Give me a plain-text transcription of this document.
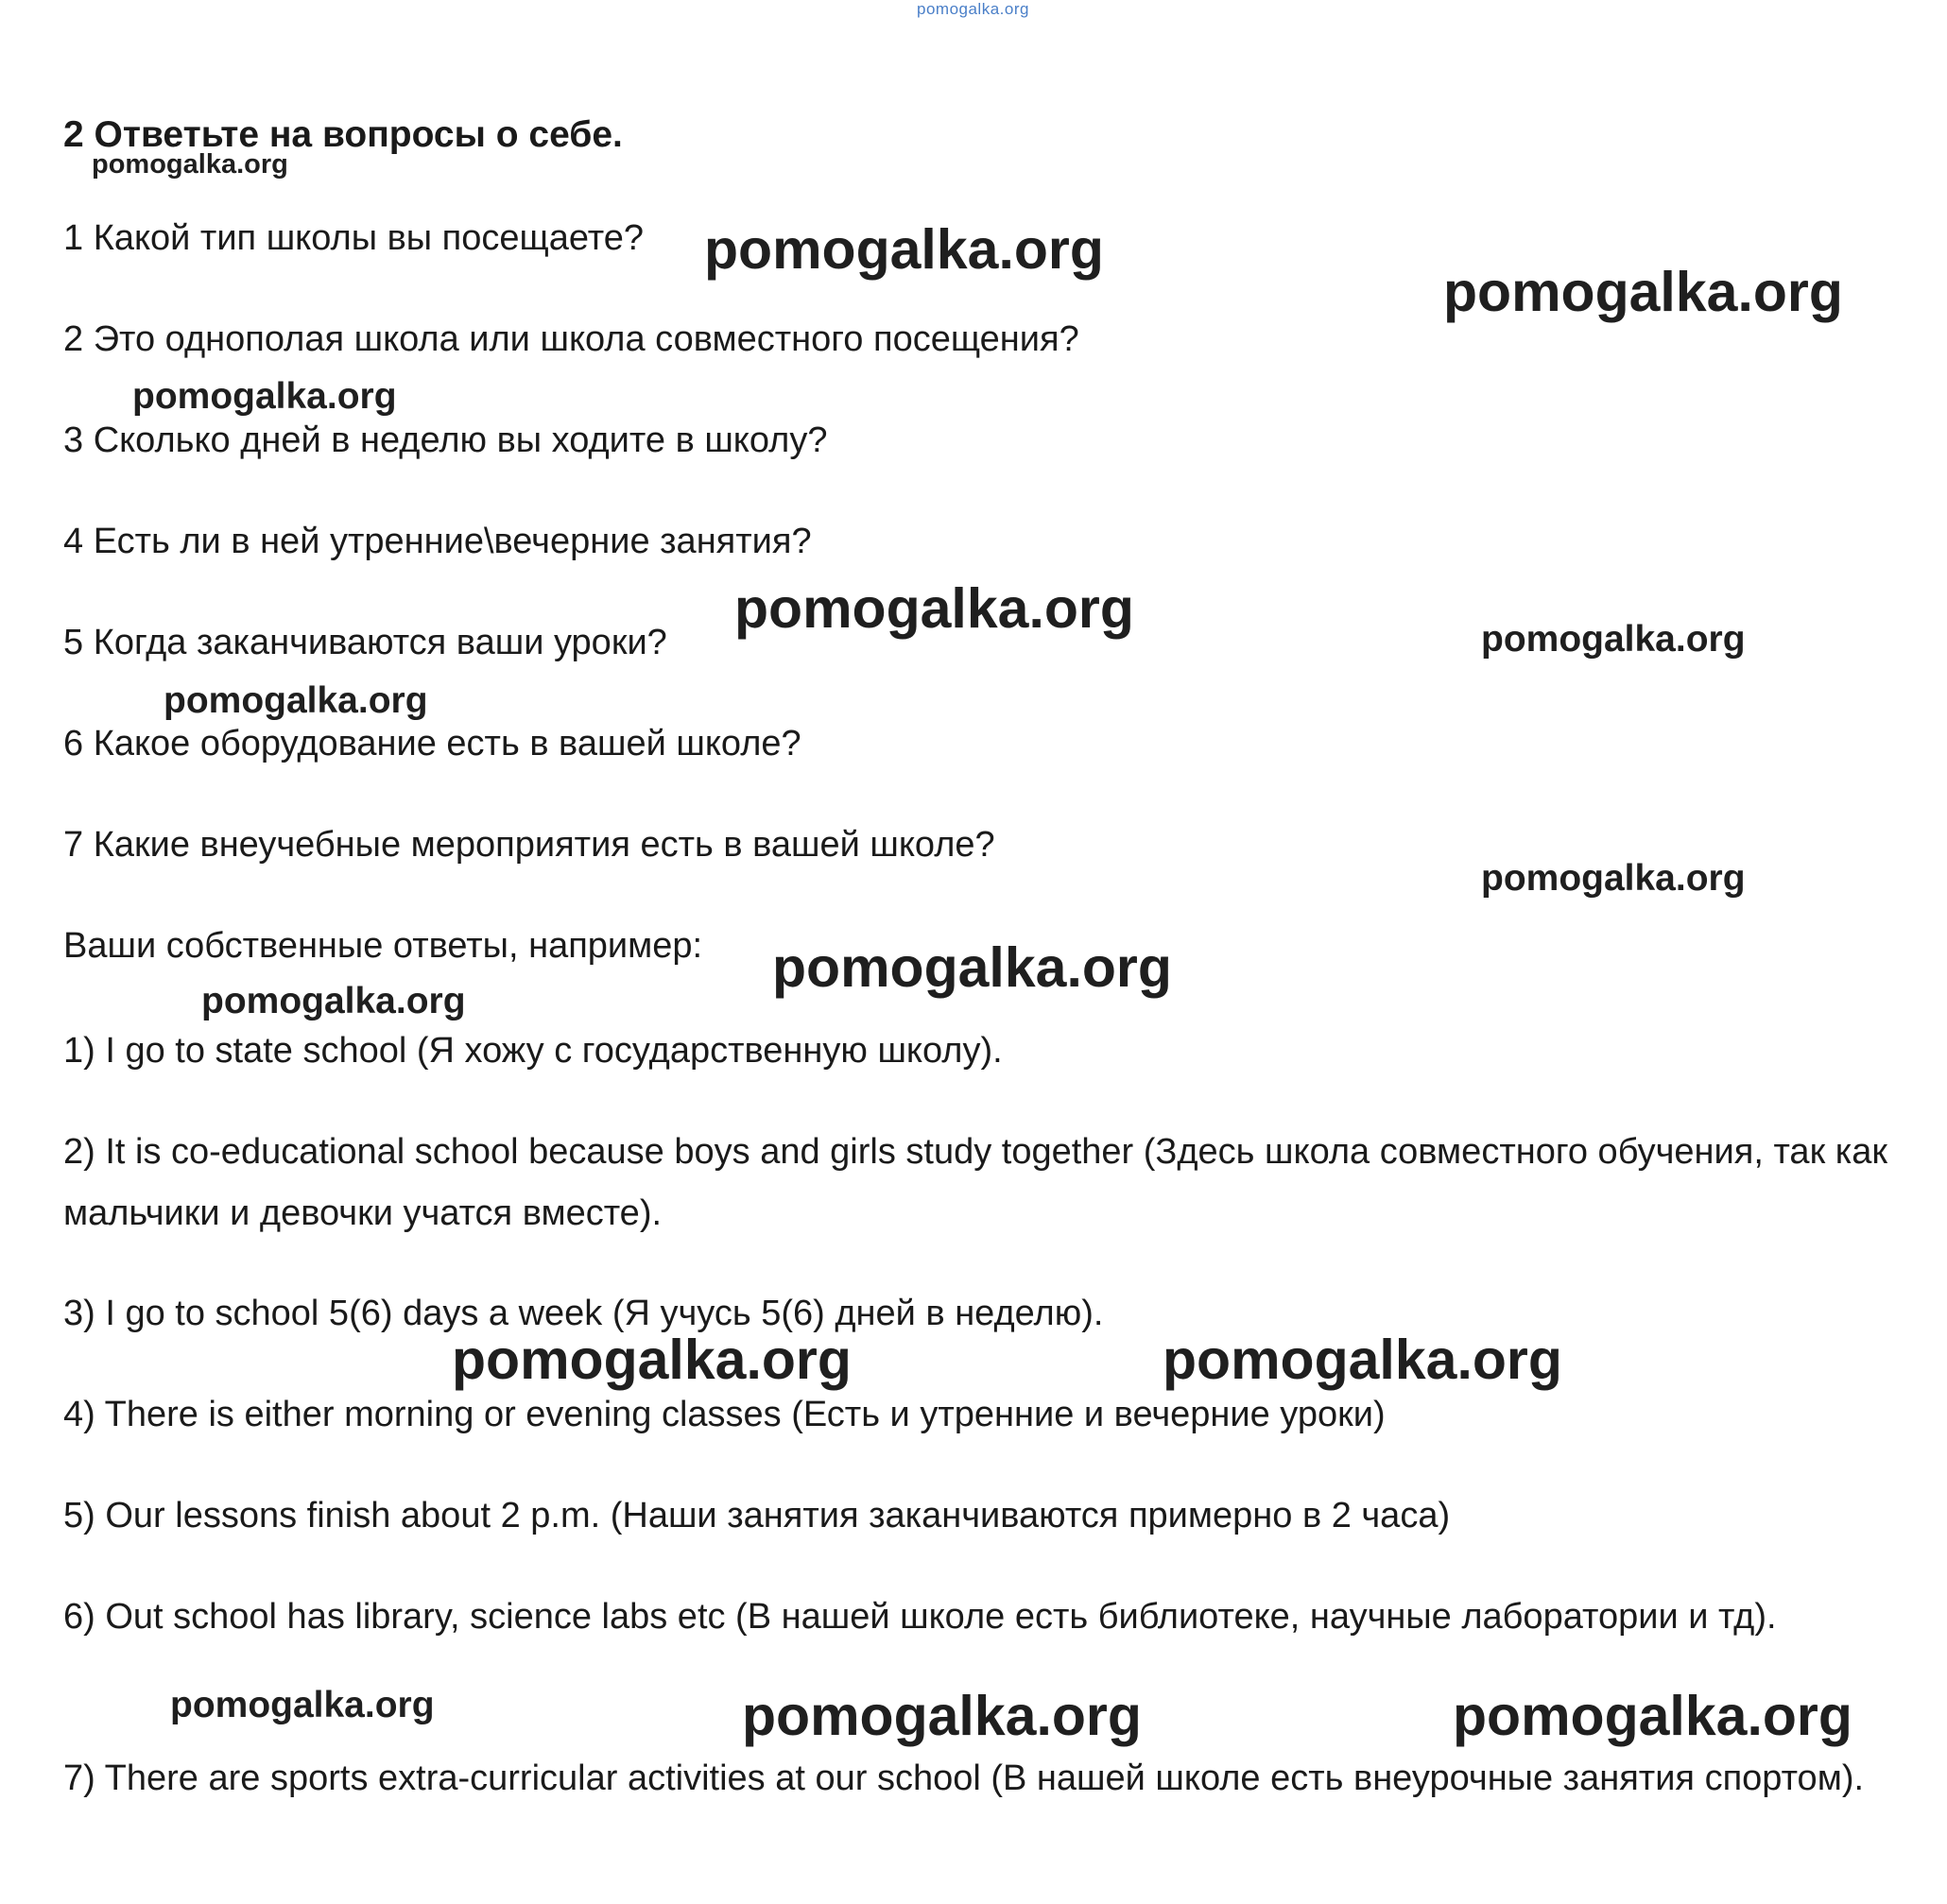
pomogalka.org
2 Ответьте на вопросы о себе.
1 Какой тип школы вы посещаете?
2 Это однополая школа или школа совместного посещения?
3 Сколько дней в неделю вы ходите в школу?
4 Есть ли в ней утренние\вечерние занятия?
5 Когда заканчиваются ваши уроки?
6 Какое оборудование есть в вашей школе?
7 Какие внеучебные мероприятия есть в вашей школе?
Ваши собственные ответы, например:
1) I go to state school (Я хожу с государственную школу).
2) It is co-educational school because boys and girls study together (Здесь школа совместного обучения, так как мальчики и девочки учатся вместе).
3) I go to school 5(6) days a week (Я учусь 5(6) дней в неделю).
4) There is either morning or evening classes (Есть и утренние и вечерние уроки)
5) Our lessons finish about 2 p.m. (Наши занятия заканчиваются примерно в 2 часа)
6) Out school has library, science labs etc (В нашей школе есть библиотеке, научные лаборатории и тд).
7) There are sports extra-curricular activities at our school (В нашей школе есть внеурочные занятия спортом).
pomogalka.org
pomogalka.org
pomogalka.org
pomogalka.org
pomogalka.org	pomogalka.org
pomogalka.org
pomogalka.org
pomogalka.org
pomogalka.org
pomogalka.org	pomogalka.org
pomogalka.org	pomogalka.org	pomogalka.org
